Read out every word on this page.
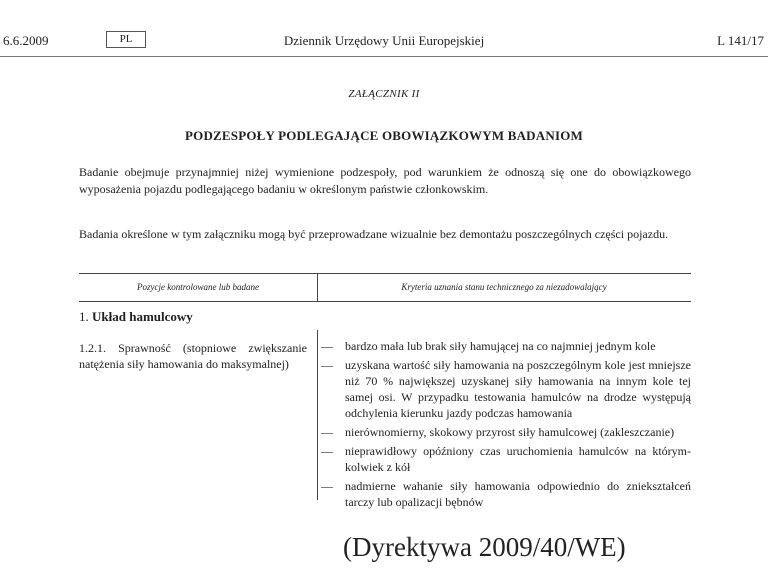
6.6.2009	PL	Dziennik Urzędowy Unii Europejskiej	L 141/17
ZAŁĄCZNIK II
PODZESPOŁY PODLEGAJĄCE OBOWIĄZKOWYM BADANIOM
Badanie obejmuje przynajmniej niżej wymienione podzespoły, pod warunkiem że odnoszą się one do obowiązkowego wyposażenia pojazdu podlegającego badaniu w określonym państwie członkowskim.
Badania określone w tym załączniku mogą być przeprowadzane wizualnie bez demontażu poszczególnych części pojazdu.
Pozycje kontrolowane lub badane	Kryteria uznania stanu technicznego za niezadowalający
1. Układ hamulcowy
1.2.1. Sprawność (stopniowe zwiększanie natężenia siły hamowania do maksymalnej)
— bardzo mała lub brak siły hamującej na co najmniej jednym kole
— uzyskana wartość siły hamowania na poszczególnym kole jest mniejsze niż 70 % największej uzyskanej siły hamowania na innym kole tej samej osi. W przypadku testowania hamulców na drodze występują odchylenia kierunku jazdy podczas hamowania
— nierównomierny, skokowy przyrost siły hamulcowej (zakleszczanie)
— nieprawidłowy opóźniony czas uruchomienia hamulców na którym-kolwiek z kół
— nadmierne wahanie siły hamowania odpowiednio do zniekształceń tarczy lub opalizacji bębnów
(Dyrektywa 2009/40/WE)
